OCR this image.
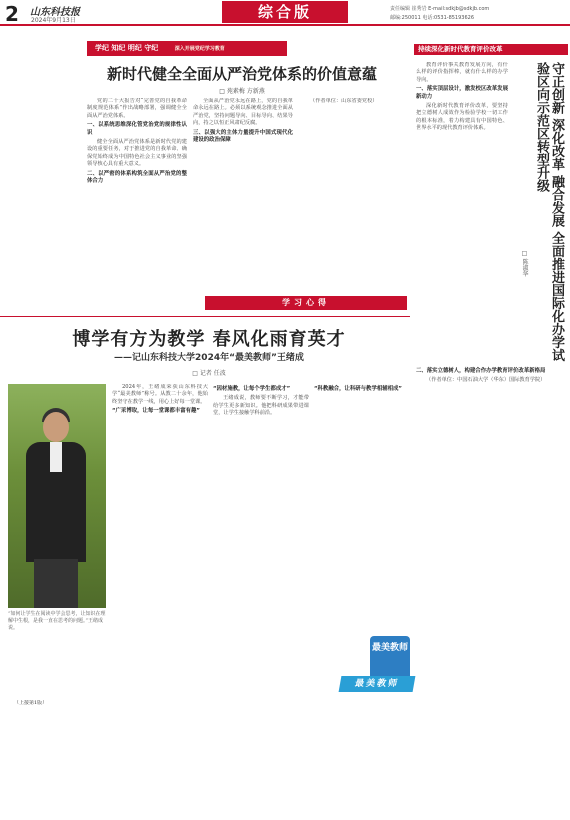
2 山东科技报
2024年9月13日	综合版	责任编辑 崔秀岩 E-mail:sdkjb@sdkjb.com
邮编:250011 电话:0531-85193626
学纪 知纪 明纪 守纪	深入开展党纪学习教育
新时代健全全面从严治党体系的价值意蕴
□ 苑素梅 方新燕

党的二十大报告对“完善党的自我革命制度规范体系”作出战略部署，强调健全全面从严治党体系。

一、以系统思维深化管党治党的规律性认识

健全全面从严治党体系是新时代党的建设的重要任务，对于推进党的自我革命、确保党始终成为中国特色社会主义事业的坚强领导核心具有重大意义。

二、以严密的体系构筑全面从严治党的整体合力

全面从严治党永远在路上，党的自我革命永远在路上。必须以系统观念推进全面从严治党，坚持问题导向、目标导向、结果导向，持之以恒正风肃纪反腐。

三、以强大的主体力量提升中国式现代化建设的政治保障

（作者单位：山东省委党校）

学习心得
持续深化新时代教育评价改革
守正创新 深化改革 融合发展 全面推进国际化办学试验区向示范区转型升级
□ 陈淑华

教育评价事关教育发展方向，有什么样的评价指挥棒，就有什么样的办学导向。

一、落实顶层设计，激发校区改革发展新动力

深化新时代教育评价改革，要坚持把立德树人成效作为检验学校一切工作的根本标准，着力构建具有中国特色、世界水平的现代教育评价体系。

二、落实立德树人，构建合作办学教育评价改革新格局

（作者单位：中国石油大学（华东）国际教育学院）

博学有方为教学 春风化雨育英才
——记山东科技大学2024年“最美教师”王绪成
□ 记者 任波
“如何让学生在阅读中学会思考，让知识在理解中生根，是我一直在思考的问题。”王绪成说。

2024年，王绪成荣获山东科技大学“最美教师”称号。从教二十余年，他始终坚守在教学一线，用心上好每一堂课。

“广采博取，让每一堂课都丰富有趣”
“因材施教，让每个学生都成才”

王绪成说，教师要不断学习，才能带给学生更多新知识。他把科研成果带进课堂，让学生接触学科前沿。

“科教融合，让科研与教学相辅相成”
最美教师
最美教师

（上接第1版）
